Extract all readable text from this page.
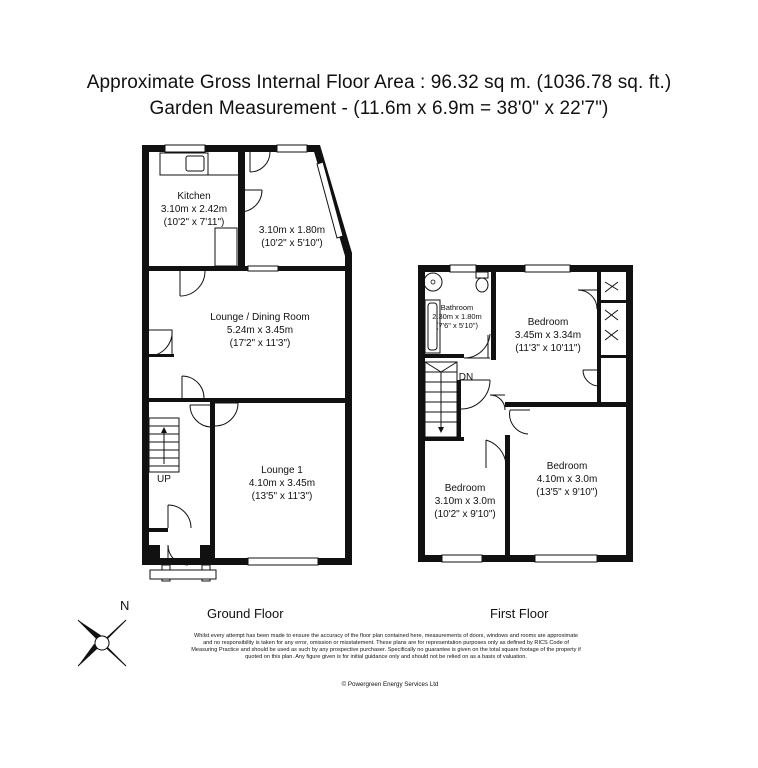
Approximate Gross Internal Floor Area : 96.32 sq m. (1036.78 sq. ft.)
Garden Measurement - (11.6m x 6.9m = 38'0" x 22'7")
Kitchen
3.10m x 2.42m
(10'2" x 7'11")
3.10m x 1.80m
(10'2" x 5'10")
Lounge / Dining Room
5.24m x 3.45m
(17'2" x 11'3")
Lounge 1
4.10m x 3.45m
(13'5" x 11'3")
UP
Bathroom
2.30m x 1.80m
(7'6" x 5'10")	Bedroom
3.45m x 3.34m
(11'3" x 10'11")
Bedroom
3.10m x 3.0m
(10'2" x 9'10")
Bedroom
4.10m x 3.0m
(13'5" x 9'10")
DN
N
Ground Floor	First Floor
Whilst every attempt has been made to ensure the accuracy of the floor plan contained here, measurements of doors, windows and rooms are approximate and no responsibility is taken for any error, omission or misstatement. These plans are for representation purposes only as defined by RICS Code of Measuring Practice and should be used as such by any prospective purchaser. Specifically no guarantee is given on the total square footage of the property if quoted on this plan. Any figure given is for initial guidance only and should not be relied on as a basis of valuation.
© Powergreen Energy Services Ltd
